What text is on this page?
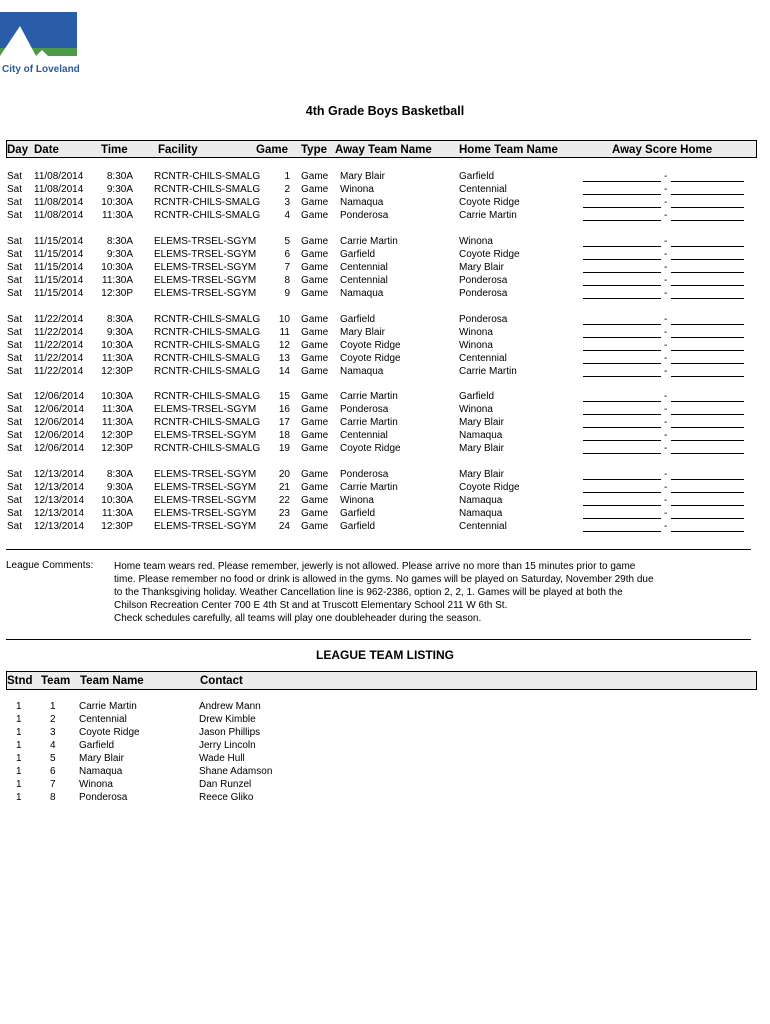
City of Loveland
4th Grade Boys Basketball
Day Date	Time	Facility	Game Type Away Team Name Home Team Name	Away Score Home
Sat 11/08/2014 8:30A RCNTR-CHILS-SMALG 1 Game Mary Blair	Garfield	-
Sat 11/08/2014 9:30A RCNTR-CHILS-SMALG 2 Game Winona	Centennial	-
Sat 11/08/2014 10:30A RCNTR-CHILS-SMALG 3 Game Namaqua	Coyote Ridge	-
Sat 11/08/2014 11:30A RCNTR-CHILS-SMALG 4 Game Ponderosa	Carrie Martin	-
Sat 11/15/2014 8:30A ELEMS-TRSEL-SGYM	5 Game Carrie Martin	Winona	-
Sat 11/15/2014 9:30A ELEMS-TRSEL-SGYM	6 Game Garfield	Coyote Ridge	-
Sat 11/15/2014 10:30A ELEMS-TRSEL-SGYM	7 Game Centennial	Mary Blair	-
Sat 11/15/2014 11:30A ELEMS-TRSEL-SGYM	8 Game Centennial	Ponderosa	-
Sat 11/15/2014 12:30P ELEMS-TRSEL-SGYM	9 Game Namaqua	Ponderosa	-
Sat 11/22/2014 8:30A RCNTR-CHILS-SMALG 10 Game Garfield	Ponderosa	-
Sat 11/22/2014 9:30A RCNTR-CHILS-SMALG 11 Game Mary Blair	Winona	-
Sat 11/22/2014 10:30A RCNTR-CHILS-SMALG 12 Game Coyote Ridge	Winona	-
Sat 11/22/2014 11:30A RCNTR-CHILS-SMALG 13 Game Coyote Ridge	Centennial	-
Sat 11/22/2014 12:30P RCNTR-CHILS-SMALG 14 Game Namaqua	Carrie Martin	-
Sat 12/06/2014 10:30A RCNTR-CHILS-SMALG 15 Game Carrie Martin	Garfield	-
Sat 12/06/2014 11:30A ELEMS-TRSEL-SGYM 16 Game Ponderosa	Winona	-
Sat 12/06/2014 11:30A RCNTR-CHILS-SMALG 17 Game Carrie Martin	Mary Blair	-
Sat 12/06/2014 12:30P ELEMS-TRSEL-SGYM 18 Game Centennial	Namaqua	-
Sat 12/06/2014 12:30P RCNTR-CHILS-SMALG 19 Game Coyote Ridge	Mary Blair	-
Sat 12/13/2014 8:30A ELEMS-TRSEL-SGYM 20 Game Ponderosa	Mary Blair	-
Sat 12/13/2014 9:30A ELEMS-TRSEL-SGYM 21 Game Carrie Martin	Coyote Ridge	-
Sat 12/13/2014 10:30A ELEMS-TRSEL-SGYM 22 Game Winona	Namaqua	-
Sat 12/13/2014 11:30A ELEMS-TRSEL-SGYM 23 Game Garfield	Namaqua	-
Sat 12/13/2014 12:30P ELEMS-TRSEL-SGYM 24 Game Garfield	Centennial	-
League Comments: Home team wears red. Please remember, jewerly is not allowed. Please arrive no more than 15 minutes prior to game
time. Please remember no food or drink is allowed in the gyms. No games will be played on Saturday, November 29th due
to the Thanksgiving holiday. Weather Cancellation line is 962-2386, option 2, 2, 1. Games will be played at both the
Chilson Recreation Center 700 E 4th St and at Truscott Elementary School 211 W 6th St.
Check schedules carefully, all teams will play one doubleheader during the season.
LEAGUE TEAM LISTING
Stnd Team Team Name	Contact
1	1 Carrie Martin	Andrew Mann
1	2 Centennial	Drew Kimble
1	3 Coyote Ridge	Jason Phillips
1	4 Garfield	Jerry Lincoln
1	5 Mary Blair	Wade Hull
1	6 Namaqua	Shane Adamson
1	7 Winona	Dan Runzel
1	8 Ponderosa	Reece Gliko
